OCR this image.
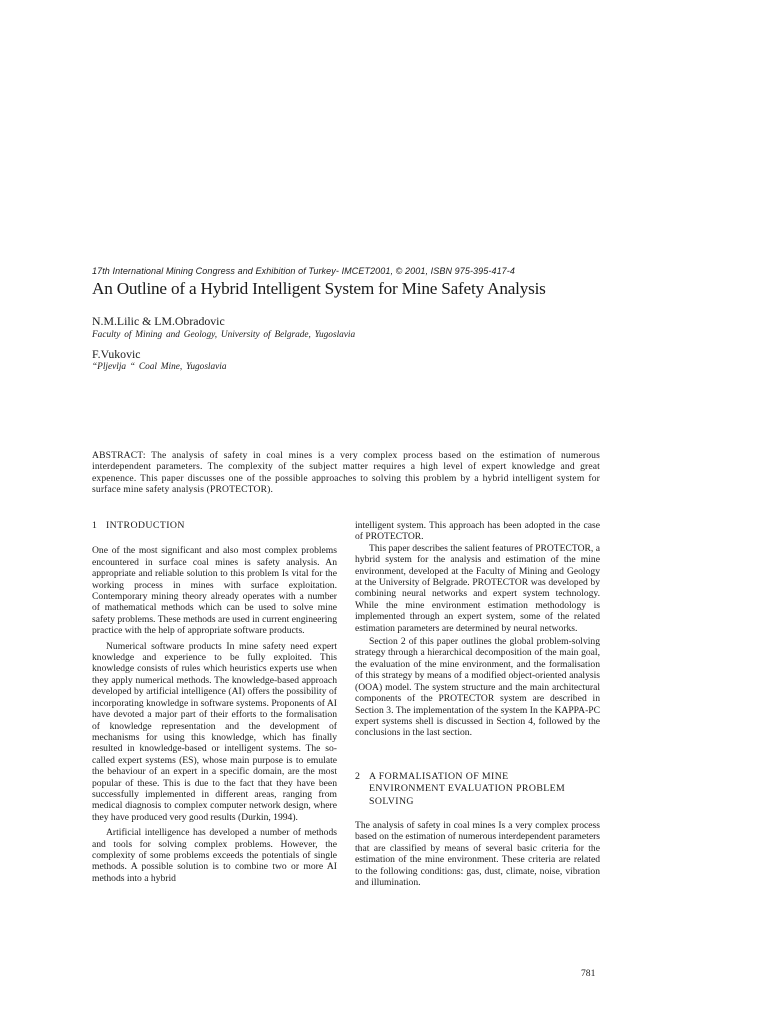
17th International Mining Congress and Exhibition of Turkey- IMCET2001, © 2001, ISBN 975-395-417-4
An Outline of a Hybrid Intelligent System for Mine Safety Analysis
N.M.Lilic & LM.Obradovic
Faculty of Mining and Geology, University of Belgrade, Yugoslavia
F.Vukovic
“Pljevlja “ Coal Mine, Yugoslavia

ABSTRACT: The analysis of safety in coal mines is a very complex process based on the estimation of numerous interdependent parameters. The complexity of the subject matter requires a high level of expert knowledge and great expenence. This paper discusses one of the possible approaches to solving this problem by a hybrid intelligent system for surface mine safety analysis (PROTECTOR).

1 INTRODUCTION

One of the most significant and also most complex problems encountered in surface coal mines is safety analysis. An appropriate and reliable solution to this problem Is vital for the working process in mines with surface exploitation. Contemporary mining theory already operates with a number of mathematical methods which can be used to solve mine safety problems. These methods are used in current engineering practice with the help of appropriate software products.

Numerical software products In mine safety need expert knowledge and experience to be fully exploited. This knowledge consists of rules which heuristics experts use when they apply numerical methods. The knowledge-based approach developed by artificial intelligence (AI) offers the possibility of incorporating knowledge in software systems. Proponents of AI have devoted a major part of their efforts to the formalisation of knowledge representation and the development of mechanisms for using this knowledge, which has finally resulted in knowledge-based or intelligent systems. The so-called expert systems (ES), whose main purpose is to emulate the behaviour of an expert in a specific domain, are the most popular of these. This is due to the fact that they have been successfully implemented in different areas, ranging from medical diagnosis to complex computer network design, where they have produced very good results (Durkin, 1994).

Artificial intelligence has developed a number of methods and tools for solving complex problems. However, the complexity of some problems exceeds the potentials of single methods. A possible solution is to combine two or more AI methods into a hybrid

intelligent system. This approach has been adopted in the case of PROTECTOR.

This paper describes the salient features of PROTECTOR, a hybrid system for the analysis and estimation of the mine environment, developed at the Faculty of Mining and Geology at the University of Belgrade. PROTECTOR was developed by combining neural networks and expert system technology. While the mine environment estimation methodology is implemented through an expert system, some of the related estimation parameters are determined by neural networks.

Section 2 of this paper outlines the global problem-solving strategy through a hierarchical decomposition of the main goal, the evaluation of the mine environment, and the formalisation of this strategy by means of a modified object-oriented analysis (OOA) model. The system structure and the main architectural components of the PROTECTOR system are described in Section 3. The implementation of the system In the KAPPA-PC expert systems shell is discussed in Section 4, followed by the conclusions in the last section.

2 A FORMALISATION OF MINE
ENVIRONMENT EVALUATION PROBLEM
SOLVING

The analysis of safety in coal mines Is a very complex process based on the estimation of numerous interdependent parameters that are classified by means of several basic criteria for the estimation of the mine environment. These criteria are related to the following conditions: gas, dust, climate, noise, vibration and illumination.

781
